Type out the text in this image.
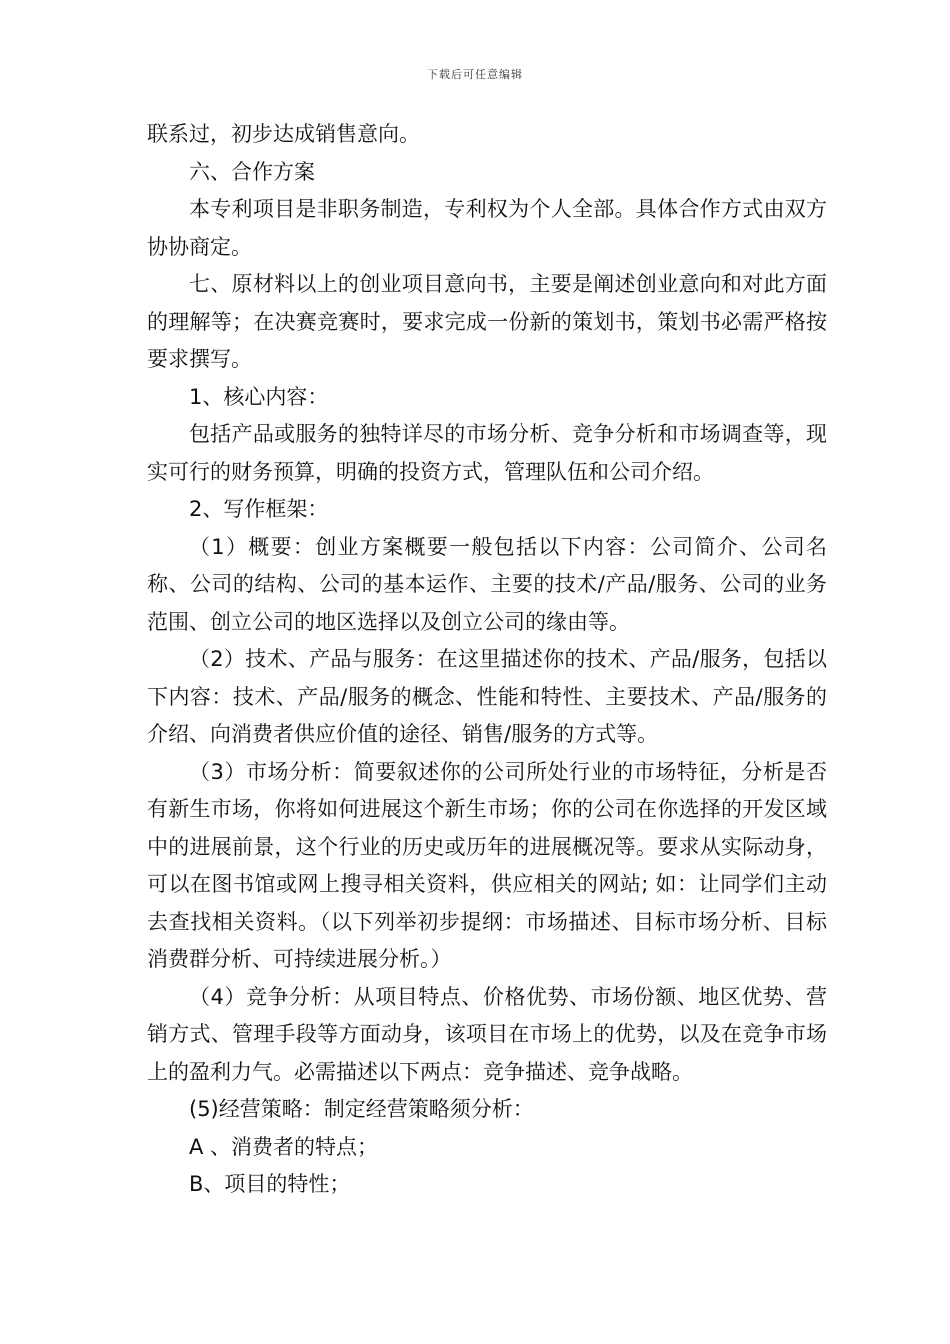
下载后可任意编辑

联系过，初步达成销售意向。

六、合作方案

本专利项目是非职务制造，专利权为个人全部。具体合作方式由双方协协商定。

七、原材料以上的创业项目意向书，主要是阐述创业意向和对此方面的理解等；在决赛竞赛时，要求完成一份新的策划书，策划书必需严格按要求撰写。

1、核心内容：

包括产品或服务的独特详尽的市场分析、竞争分析和市场调查等，现实可行的财务预算，明确的投资方式，管理队伍和公司介绍。

2、写作框架：

（1）概要：创业方案概要一般包括以下内容：公司简介、公司名称、公司的结构、公司的基本运作、主要的技术/产品/服务、公司的业务范围、创立公司的地区选择以及创立公司的缘由等。

（2）技术、产品与服务：在这里描述你的技术、产品/服务，包括以下内容：技术、产品/服务的概念、性能和特性、主要技术、产品/服务的介绍、向消费者供应价值的途径、销售/服务的方式等。

（3）市场分析：简要叙述你的公司所处行业的市场特征，分析是否有新生市场，你将如何进展这个新生市场；你的公司在你选择的开发区域中的进展前景，这个行业的历史或历年的进展概况等。要求从实际动身，可以在图书馆或网上搜寻相关资料，供应相关的网站; 如：让同学们主动去查找相关资料。（以下列举初步提纲：市场描述、目标市场分析、目标消费群分析、可持续进展分析。）

（4）竞争分析：从项目特点、价格优势、市场份额、地区优势、营销方式、管理手段等方面动身，该项目在市场上的优势，以及在竞争市场上的盈利力气。必需描述以下两点：竞争描述、竞争战略。

(5)经营策略：制定经营策略须分析：

A 、消费者的特点；

B、项目的特性；
